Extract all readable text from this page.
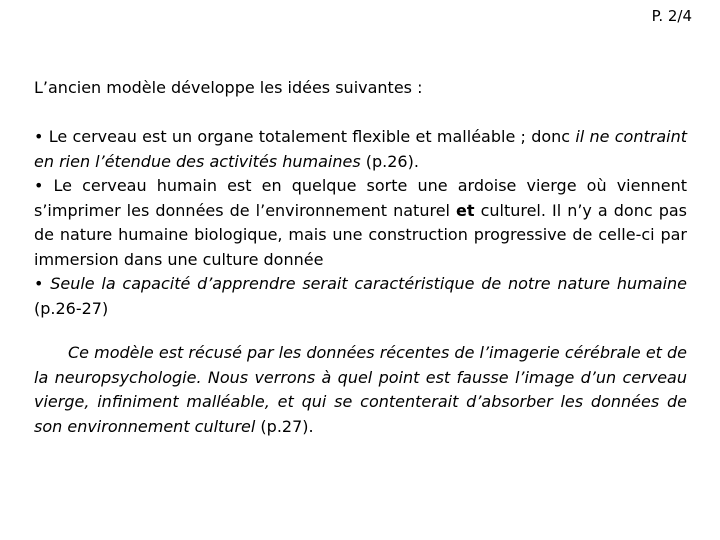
P. 2/4

L’ancien modèle développe les idées suivantes :

• Le cerveau est un organe totalement flexible et malléable ; donc il ne contraint en rien l’étendue des activités humaines (p.26).

• Le cerveau humain est en quelque sorte une ardoise vierge où viennent s’imprimer les données de l’environnement naturel et culturel. Il n’y a donc pas de nature humaine biologique, mais une construction progressive de celle-ci par immersion dans une culture donnée

• Seule la capacité d’apprendre serait caractéristique de notre nature humaine (p.26-27)

Ce modèle est récusé par les données récentes de l’imagerie cérébrale et de la neuropsychologie. Nous verrons à quel point est fausse l’image d’un cerveau vierge, infiniment malléable, et qui se contenterait d’absorber les données de son environnement culturel (p.27).
